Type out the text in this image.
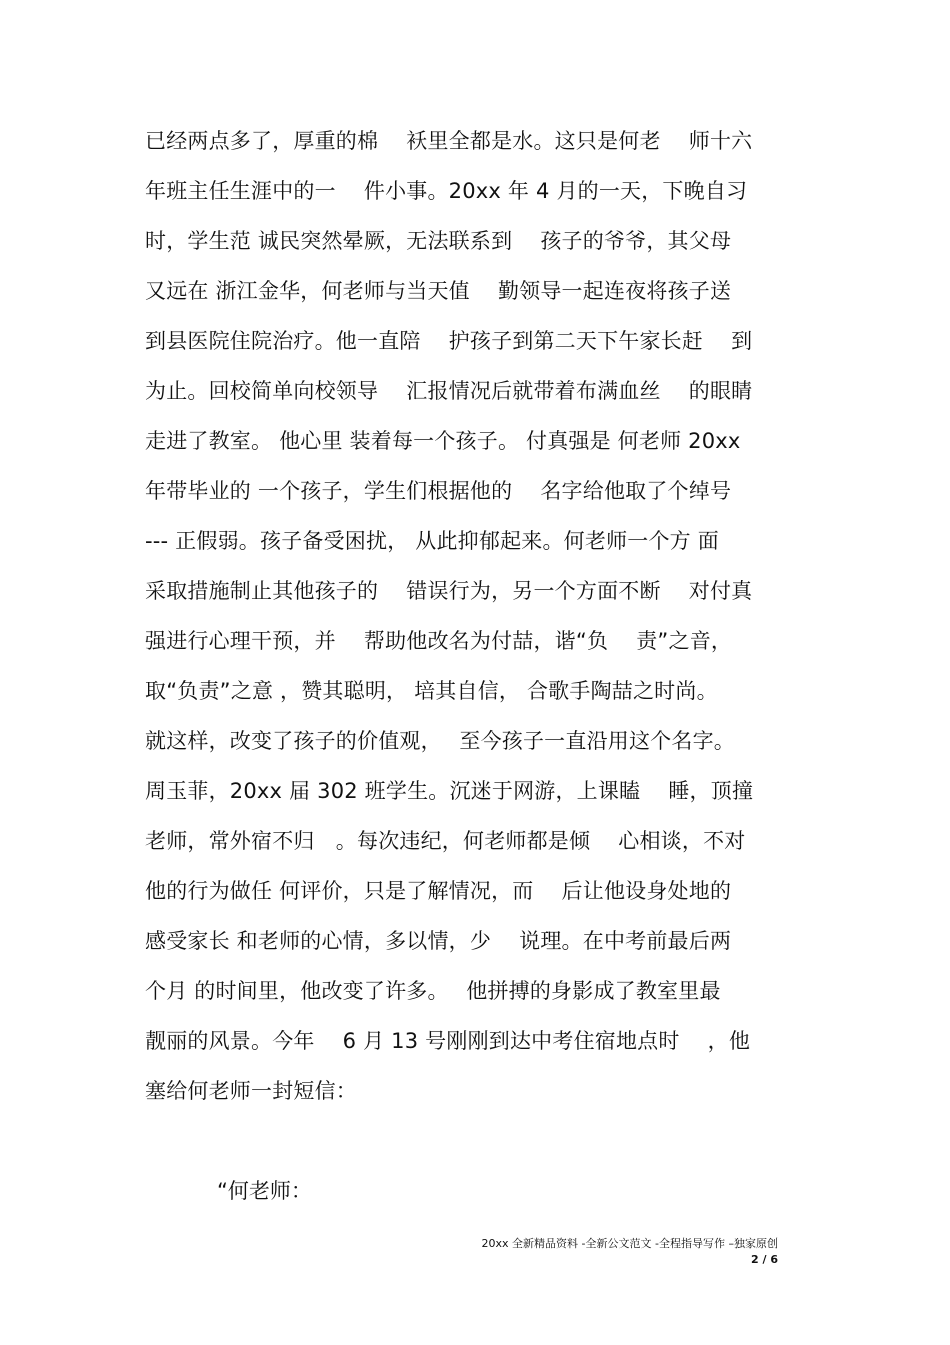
已经两点多了，厚重的棉　 袄里全都是水。这只是何老　 师十六
年班主任生涯中的一　 件小事。20xx 年 4 月的一天，下晚自习
时，学生范 诚民突然晕厥，无法联系到　 孩子的爷爷，其父母
又远在 浙江金华，何老师与当天值　 勤领导一起连夜将孩子送
到县医院住院治疗。他一直陪　 护孩子到第二天下午家长赶　 到
为止。回校简单向校领导　 汇报情况后就带着布满血丝　 的眼睛
走进了教室。 他心里 装着每一个孩子。 付真强是 何老师 20xx
年带毕业的 一个孩子，学生们根据他的　 名字给他取了个绰号
--- 正假弱。孩子备受困扰， 从此抑郁起来。何老师一个方 面
采取措施制止其他孩子的　 错误行为，另一个方面不断　 对付真
强进行心理干预，并　 帮助他改名为付喆，谐“负　 责”之音，
取“负责”之意 ，赞其聪明， 培其自信， 合歌手陶喆之时尚。
就这样，改变了孩子的价值观，　 至今孩子一直沿用这个名字。
周玉菲，20xx 届 302 班学生。沉迷于网游，上课瞌　 睡，顶撞
老师，常外宿不归　。每次违纪，何老师都是倾　 心相谈，不对
他的行为做任 何评价，只是了解情况，而　 后让他设身处地的
感受家长 和老师的心情，多以情，少　 说理。在中考前最后两
个月 的时间里，他改变了许多。　 他拼搏的身影成了教室里最
靓丽的风景。今年　 6 月 13 号刚刚到达中考住宿地点时　 ，他
塞给何老师一封短信：
“何老师：
20xx 全新精品资料 -全新公文范文 -全程指导写作 –独家原创
2 / 6
